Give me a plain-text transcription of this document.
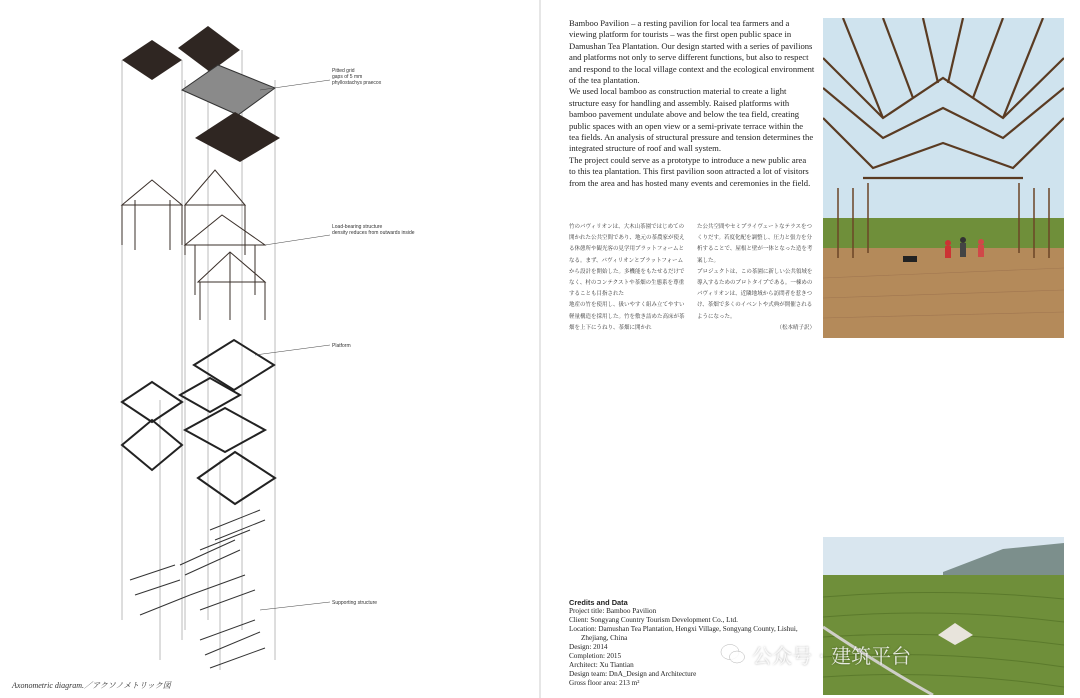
Pitted grid
gaps of 5 mm
phyllostachys praecox
Load-bearing structure
density reduces from outwards inside
Platform
Supporting structure
Axonometric diagram.／アクソノメトリック図

Bamboo Pavilion – a resting pavilion for local tea farmers and a viewing platform for tourists – was the first open public space in Damushan Tea Plantation. Our design started with a series of pavilions and platforms not only to serve different functions, but also to respect and respond to the local village context and the ecological environment of the tea plantation.

We used local bamboo as construction material to create a light structure easy for handling and assembly. Raised platforms with bamboo pavement undulate above and below the tea field, creating public spaces with an open view or a semi-private terrace within the tea fields. An analysis of structural pressure and tension determines the integrated structure of roof and wall system.

The project could serve as a prototype to introduce a new public area to this tea plantation. This first pavilion soon attracted a lot of visitors from the area and has hosted many events and ceremonies in the field.

竹のパヴィリオンは、大木山茶園ではじめての開かれた公共空間であり、地元の茶農家が使える休憩所や観光客の見学用プラットフォームとなる。まず、パヴィリオンとプラットフォームから設計を開始した。多機能をもたせるだけでなく、村のコンテクストや茶畑の生態系を尊重することも目指された

地産の竹を使用し、扱いやすく組み立てやすい軽量構造を採用した。竹を敷き詰めた高床が茶畑を上下にうねり、茶畑に開かれ

た公共空間やセミプライヴェートなテラスをつくりだす。若度化配を調整し、圧力と張力を分析することで、屋根と壁が一体となった造を考案した。

プロジェクトは、この茶園に新しい公共領域を導入するためのプロトタイプである。一棟めのパヴィリオンは、近隣地域から訪問者を惹きつけ、茶畑で多くのイベントや式典が開催されるようになった。

（松本晴子訳）

Credits and Data
Project title: Bamboo Pavilion
Client: Songyang Country Tourism Development Co., Ltd.
Location: Damushan Tea Plantation, Hengxi Village, Songyang County, Lishui,
Zhejiang, China
Design: 2014
Completion: 2015
Architect: Xu Tiantian
Design team: DnA_Design and Architecture
Gross floor area: 213 m²
公众号 · 建筑平台
